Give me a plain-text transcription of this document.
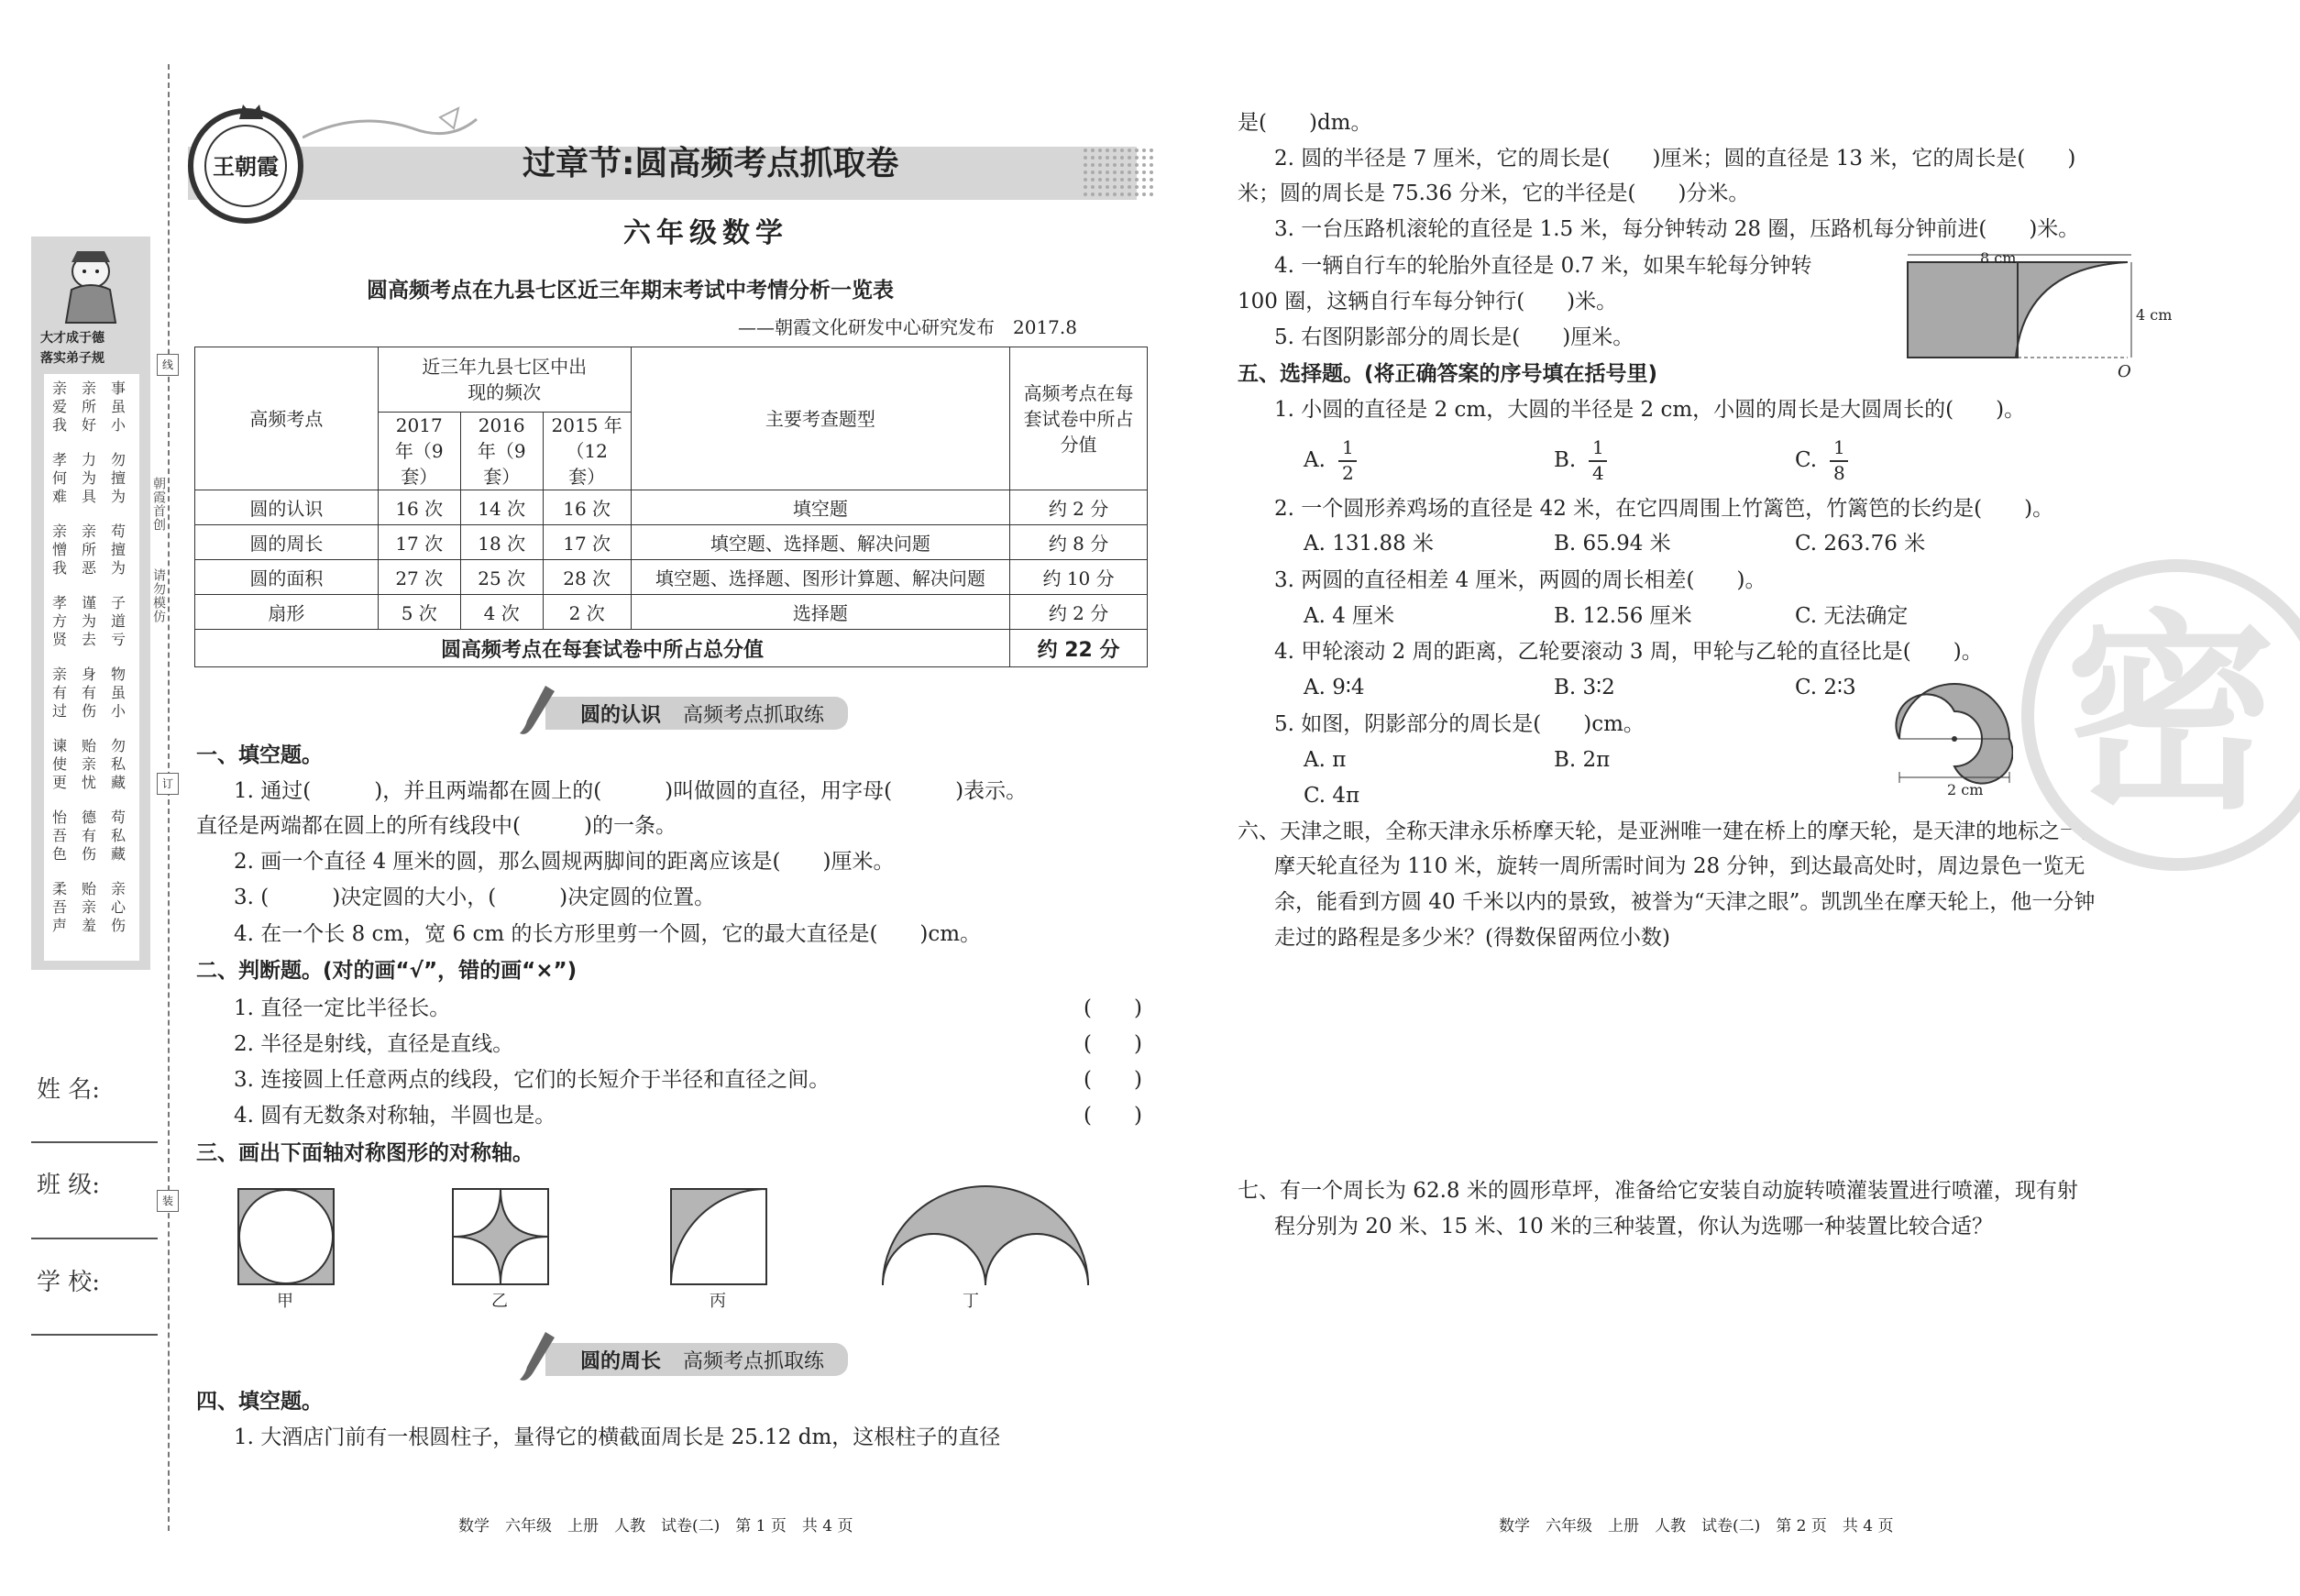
大才成于德
落实弟子规
亲爱我
亲所好
事虽小
孝何难
力为具
勿擅为
亲憎我
亲所恶
苟擅为
孝方贤
谨为去
子道亏
亲有过
身有伤
物虽小
谏使更
贻亲忧
勿私藏
怡吾色
德有伤
苟私藏
柔吾声
贻亲羞
亲心伤
姓 名:
班 级:
学 校:
线
订
装
朝霞首创
请勿模仿
王朝霞	过章节:圆高频考点抓取卷
六年级数学
圆高频考点在九县七区近三年期末考试中考情分析一览表
——朝霞文化研发中心研究发布　2017.8
高频考点	近三年九县七区中出现的频次			主要考查题型	高频考点在每套试卷中所占分值
	2017 年（9 套）	2016 年（9 套）	2015 年（12 套）		
圆的认识	16 次	14 次	16 次	填空题	约 2 分
圆的周长	17 次	18 次	17 次	填空题、选择题、解决问题	约 8 分
圆的面积	27 次	25 次	28 次	填空题、选择题、图形计算题、解决问题	约 10 分
扇形	5 次	4 次	2 次	选择题	约 2 分
圆高频考点在每套试卷中所占总分值					约 22 分
圆的认识 高频考点抓取练
一、填空题。
1. 通过(　　　)，并且两端都在圆上的(　　　)叫做圆的直径，用字母(　　　)表示。
直径是两端都在圆上的所有线段中(　　　)的一条。
2. 画一个直径 4 厘米的圆，那么圆规两脚间的距离应该是(　　)厘米。
3. (　　　)决定圆的大小，(　　　)决定圆的位置。
4. 在一个长 8 cm，宽 6 cm 的长方形里剪一个圆，它的最大直径是(　　)cm。
二、判断题。(对的画“√”，错的画“×”)
1. 直径一定比半径长。	(　　)
2. 半径是射线，直径是直线。	(　　)
3. 连接圆上任意两点的线段，它们的长短介于半径和直径之间。	(　　)
4. 圆有无数条对称轴，半圆也是。	(　　)
三、画出下面轴对称图形的对称轴。
甲	乙	丙	丁
圆的周长 高频考点抓取练
四、填空题。
1. 大酒店门前有一根圆柱子，量得它的横截面周长是 25.12 dm，这根柱子的直径
是(　　)dm。
2. 圆的半径是 7 厘米，它的周长是(　　)厘米；圆的直径是 13 米，它的周长是(　　)
米；圆的周长是 75.36 分米，它的半径是(　　)分米。
3. 一台压路机滚轮的直径是 1.5 米，每分钟转动 28 圈，压路机每分钟前进(　　)米。
4. 一辆自行车的轮胎外直径是 0.7 米，如果车轮每分钟转
100 圈，这辆自行车每分钟行(　　)米。
5. 右图阴影部分的周长是(　　)厘米。
8 cm
4 cm
O
五、选择题。(将正确答案的序号填在括号里)
1. 小圆的直径是 2 cm，大圆的半径是 2 cm，小圆的周长是大圆周长的(　　)。
A.
1
2
B.
1
4
C.
1
8
2. 一个圆形养鸡场的直径是 42 米，在它四周围上竹篱笆，竹篱笆的长约是(　　)。
A. 131.88 米	B. 65.94 米	C. 263.76 米
3. 两圆的直径相差 4 厘米，两圆的周长相差(　　)。
A. 4 厘米	B. 12.56 厘米	C. 无法确定
4. 甲轮滚动 2 周的距离，乙轮要滚动 3 周，甲轮与乙轮的直径比是(　　)。
A. 9∶4	B. 3∶2	C. 2∶3
5. 如图，阴影部分的周长是(　　)cm。
A. π	B. 2π
C. 4π	2 cm
六、天津之眼，全称天津永乐桥摩天轮，是亚洲唯一建在桥上的摩天轮，是天津的地标之一。
摩天轮直径为 110 米，旋转一周所需时间为 28 分钟，到达最高处时，周边景色一览无
余，能看到方圆 40 千米以内的景致，被誉为“天津之眼”。凯凯坐在摩天轮上，他一分钟
走过的路程是多少米？(得数保留两位小数)
七、有一个周长为 62.8 米的圆形草坪，准备给它安装自动旋转喷灌装置进行喷灌，现有射
程分别为 20 米、15 米、10 米的三种装置，你认为选哪一种装置比较合适？
密
数学　六年级　上册　人教　试卷(二)　第 1 页　共 4 页	数学　六年级　上册　人教　试卷(二)　第 2 页　共 4 页
